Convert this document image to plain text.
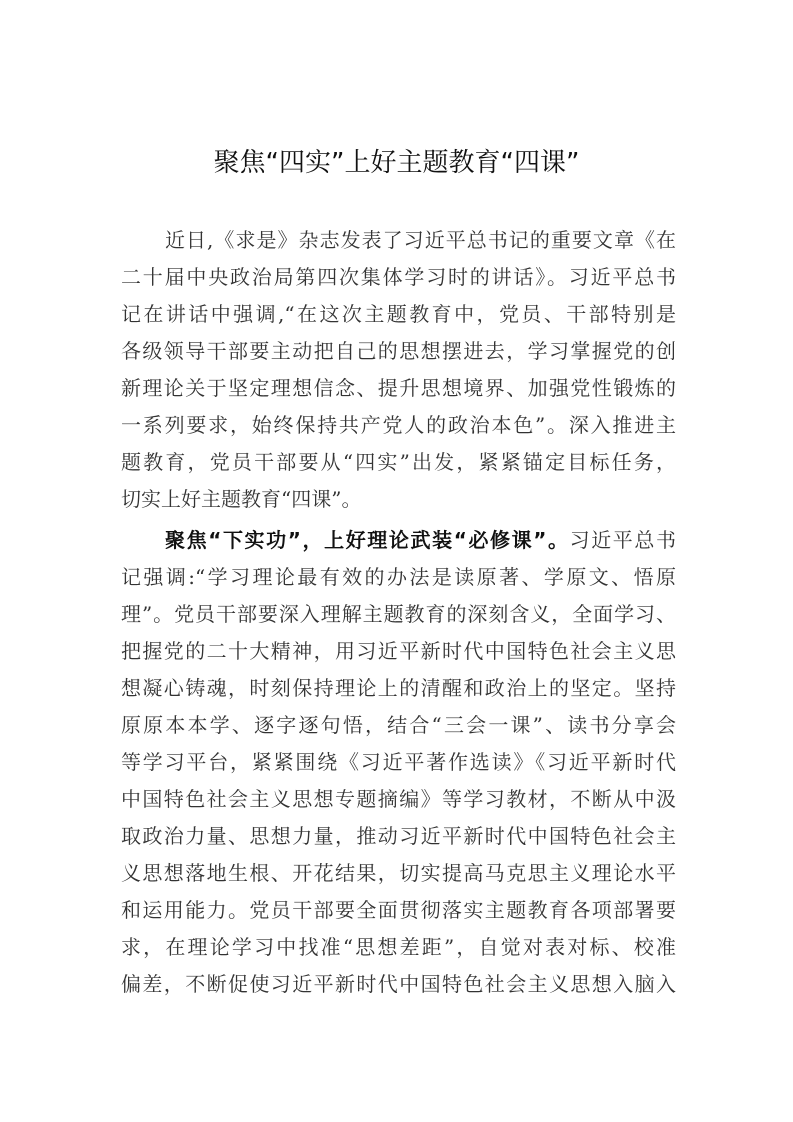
聚焦“四实”上好主题教育“四课”
近日,《求是》杂志发表了习近平总书记的重要文章《在
二十届中央政治局第四次集体学习时的讲话》。习近平总书
记在讲话中强调,“在这次主题教育中，党员、干部特别是
各级领导干部要主动把自己的思想摆进去，学习掌握党的创
新理论关于坚定理想信念、提升思想境界、加强党性锻炼的
一系列要求，始终保持共产党人的政治本色”。深入推进主
题教育，党员干部要从“四实”出发，紧紧锚定目标任务，
切实上好主题教育“四课”。
聚焦“下实功”，上好理论武装“必修课”。习近平总书
记强调:“学习理论最有效的办法是读原著、学原文、悟原
理”。党员干部要深入理解主题教育的深刻含义，全面学习、
把握党的二十大精神，用习近平新时代中国特色社会主义思
想凝心铸魂，时刻保持理论上的清醒和政治上的坚定。坚持
原原本本学、逐字逐句悟，结合“三会一课”、读书分享会
等学习平台，紧紧围绕《习近平著作选读》《习近平新时代
中国特色社会主义思想专题摘编》等学习教材，不断从中汲
取政治力量、思想力量，推动习近平新时代中国特色社会主
义思想落地生根、开花结果，切实提高马克思主义理论水平
和运用能力。党员干部要全面贯彻落实主题教育各项部署要
求，在理论学习中找准“思想差距”，自觉对表对标、校准
偏差，不断促使习近平新时代中国特色社会主义思想入脑入
